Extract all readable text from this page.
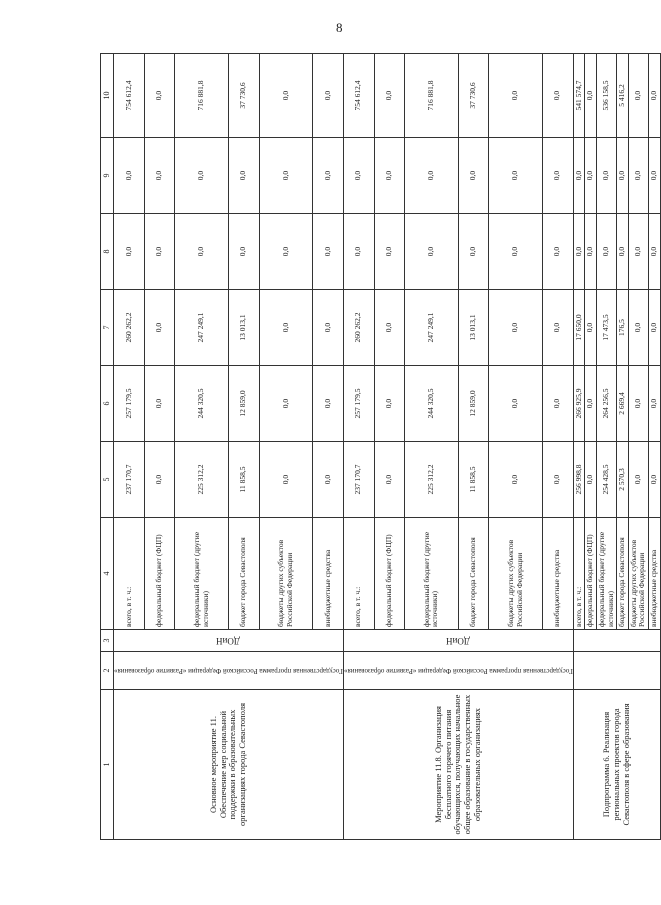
8
1	2	3	4	5	6	7	8	9	10
Основное мероприятие 11. Обеспечение мер социальной поддержки в образовательных организациях города Севастополя	Государственная программа Российской Федерации «Развитие образования»	ДОиН	всего, в т. ч.:	237 170,7	257 179,5	260 262,2	0,0	0,0	754 612,4
			федеральный бюджет (ФЦП)	0,0	0,0	0,0	0,0	0,0	0,0
			федеральный бюджет (другие источники)	225 312,2	244 320,5	247 249,1	0,0	0,0	716 881,8
			бюджет города Севастополя	11 858,5	12 859,0	13 013,1	0,0	0,0	37 730,6
			бюджеты других субъектов Российской Федерации	0,0	0,0	0,0	0,0	0,0	0,0
			внебюджетные средства	0,0	0,0	0,0	0,0	0,0	0,0
Мероприятие 11.8. Организация бесплатного горячего питания обучающихся, получающих начальное общее образование в государственных образовательных организациях	Государственная программа Российской Федерации «Развитие образования»	ДОиН	всего, в т. ч.:	237 170,7	257 179,5	260 262,2	0,0	0,0	754 612,4
			федеральный бюджет (ФЦП)	0,0	0,0	0,0	0,0	0,0	0,0
			федеральный бюджет (другие источники)	225 312,2	244 320,5	247 249,1	0,0	0,0	716 881,8
			бюджет города Севастополя	11 858,5	12 859,0	13 013,1	0,0	0,0	37 730,6
			бюджеты других субъектов Российской Федерации	0,0	0,0	0,0	0,0	0,0	0,0
			внебюджетные средства	0,0	0,0	0,0	0,0	0,0	0,0
Подпрограмма 6. Реализация региональных проектов города Севастополя в сфере образования			всего, в т. ч.:	256 998,8	266 925,9	17 650,0	0,0	0,0	541 574,7
			федеральный бюджет (ФЦП)	0,0	0,0	0,0	0,0	0,0	0,0
			федеральный бюджет (другие источники)	254 428,5	264 256,5	17 473,5	0,0	0,0	536 158,5
			бюджет города Севастополя	2 570,3	2 669,4	176,5	0,0	0,0	5 416,2
			бюджеты других субъектов Российской Федерации	0,0	0,0	0,0	0,0	0,0	0,0
			внебюджетные средства	0,0	0,0	0,0	0,0	0,0	0,0
